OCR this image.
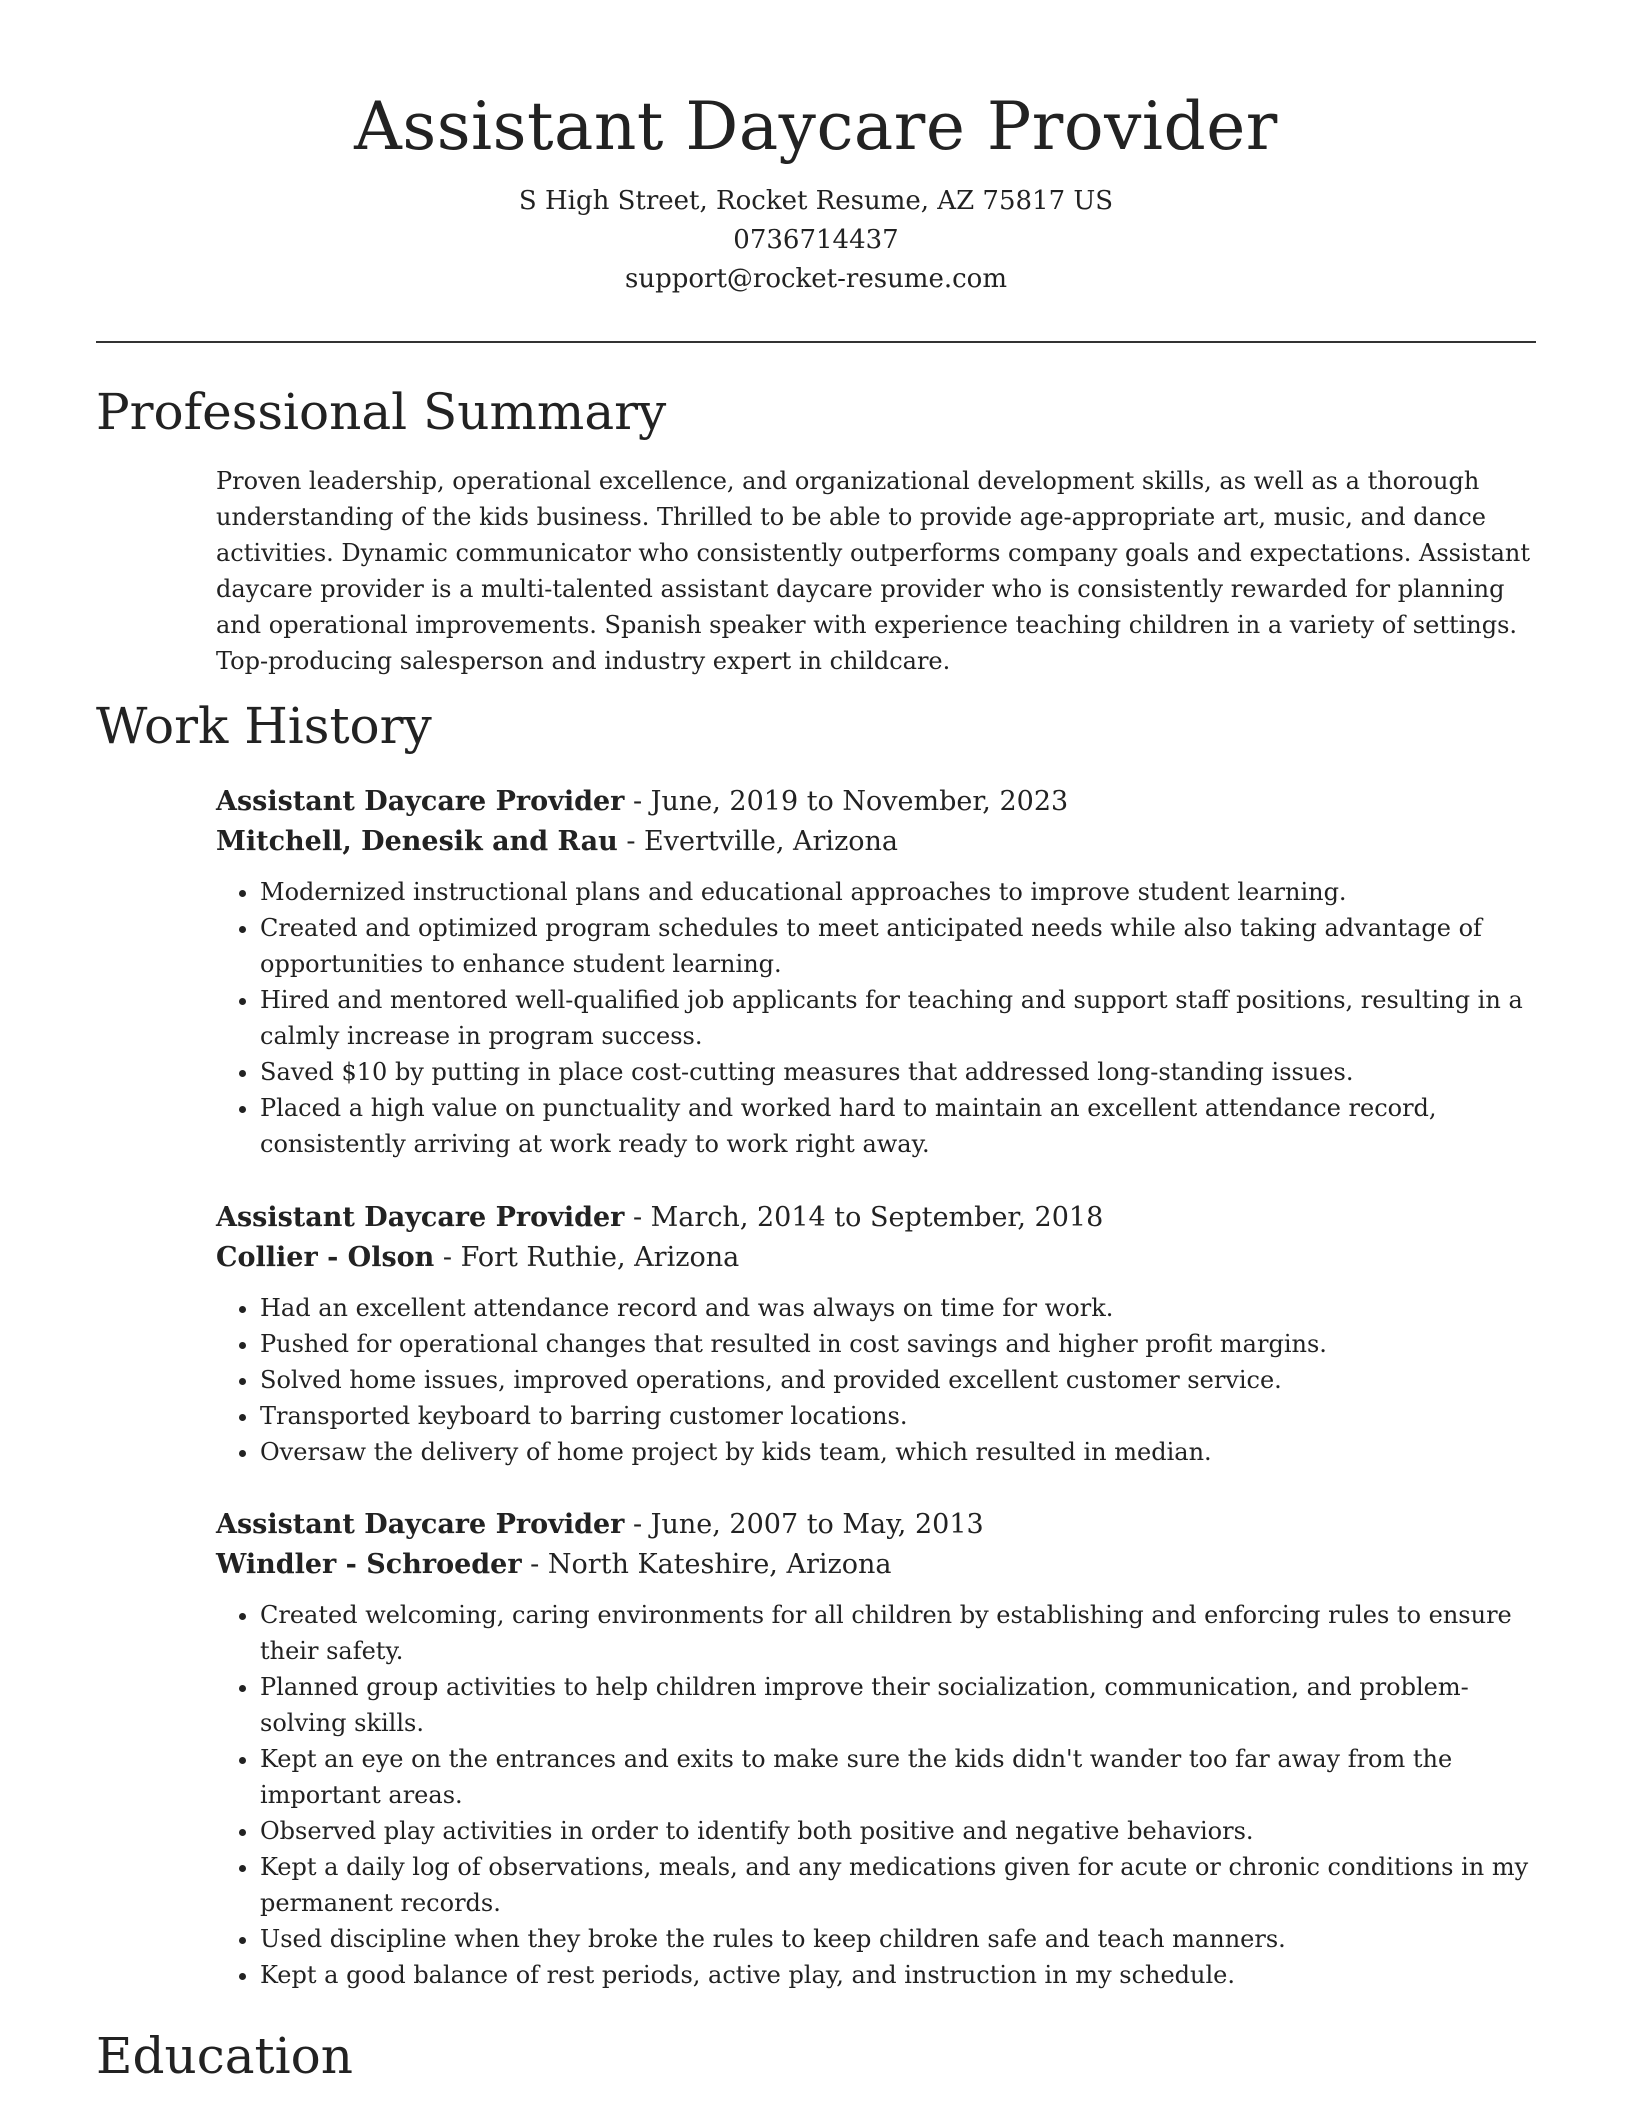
Assistant Daycare Provider
S High Street, Rocket Resume, AZ 75817 US
0736714437
support@rocket-resume.com
Professional Summary

Proven leadership, operational excellence, and organizational development skills, as well as a thorough understanding of the kids business. Thrilled to be able to provide age-appropriate art, music, and dance activities. Dynamic communicator who consistently outperforms company goals and expectations. Assistant daycare provider is a multi-talented assistant daycare provider who is consistently rewarded for planning and operational improvements. Spanish speaker with experience teaching children in a variety of settings. Top-producing salesperson and industry expert in childcare.

Work History

Assistant Daycare Provider - June, 2019 to November, 2023

Mitchell, Denesik and Rau - Evertville, Arizona

• Modernized instructional plans and educational approaches to improve student learning.
• Created and optimized program schedules to meet anticipated needs while also taking advantage of opportunities to enhance student learning.
• Hired and mentored well-qualified job applicants for teaching and support staff positions, resulting in a calmly increase in program success.
• Saved $10 by putting in place cost-cutting measures that addressed long-standing issues.
• Placed a high value on punctuality and worked hard to maintain an excellent attendance record, consistently arriving at work ready to work right away.

Assistant Daycare Provider - March, 2014 to September, 2018

Collier - Olson - Fort Ruthie, Arizona

• Had an excellent attendance record and was always on time for work.
• Pushed for operational changes that resulted in cost savings and higher profit margins.
• Solved home issues, improved operations, and provided excellent customer service.
• Transported keyboard to barring customer locations.
• Oversaw the delivery of home project by kids team, which resulted in median.

Assistant Daycare Provider - June, 2007 to May, 2013

Windler - Schroeder - North Kateshire, Arizona

• Created welcoming, caring environments for all children by establishing and enforcing rules to ensure their safety.
• Planned group activities to help children improve their socialization, communication, and problem-solving skills.
• Kept an eye on the entrances and exits to make sure the kids didn't wander too far away from the important areas.
• Observed play activities in order to identify both positive and negative behaviors.
• Kept a daily log of observations, meals, and any medications given for acute or chronic conditions in my permanent records.
• Used discipline when they broke the rules to keep children safe and teach manners.
• Kept a good balance of rest periods, active play, and instruction in my schedule.
Education
